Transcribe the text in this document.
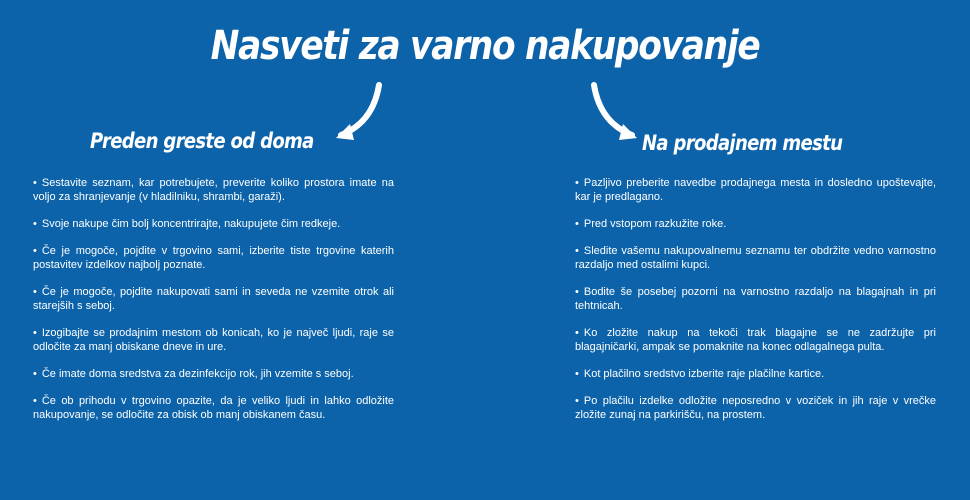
Nasveti za varno nakupovanje
Preden greste od doma	Na prodajnem mestu
• Sestavite seznam, kar potrebujete, preverite koliko prostora imate na voljo za shranjevanje (v hladilniku, shrambi, garaži).
• Svoje nakupe čim bolj koncentrirajte, nakupujete čim redkeje.
• Če je mogoče, pojdite v trgovino sami, izberite tiste trgovine katerih postavitev izdelkov najbolj poznate.
• Če je mogoče, pojdite nakupovati sami in seveda ne vzemite otrok ali starejših s seboj.
• Izogibajte se prodajnim mestom ob konicah, ko je največ ljudi, raje se odločite za manj obiskane dneve in ure.
• Če imate doma sredstva za dezinfekcijo rok, jih vzemite s seboj.
• Če ob prihodu v trgovino opazite, da je veliko ljudi in lahko odložite nakupovanje, se odločite za obisk ob manj obiskanem času.
• Pazljivo preberite navedbe prodajnega mesta in dosledno upoštevajte, kar je predlagano.
• Pred vstopom razkužite roke.
• Sledite vašemu nakupovalnemu seznamu ter obdržite vedno varnostno razdaljo med ostalimi kupci.
• Bodite še posebej pozorni na varnostno razdaljo na blagajnah in pri tehtnicah.
• Ko zložite nakup na tekoči trak blagajne se ne zadržujte pri blagajničarki, ampak se pomaknite na konec odlagalnega pulta.
• Kot plačilno sredstvo izberite raje plačilne kartice.
• Po plačilu izdelke odložite neposredno v voziček in jih raje v vrečke zložite zunaj na parkirišču, na prostem.
